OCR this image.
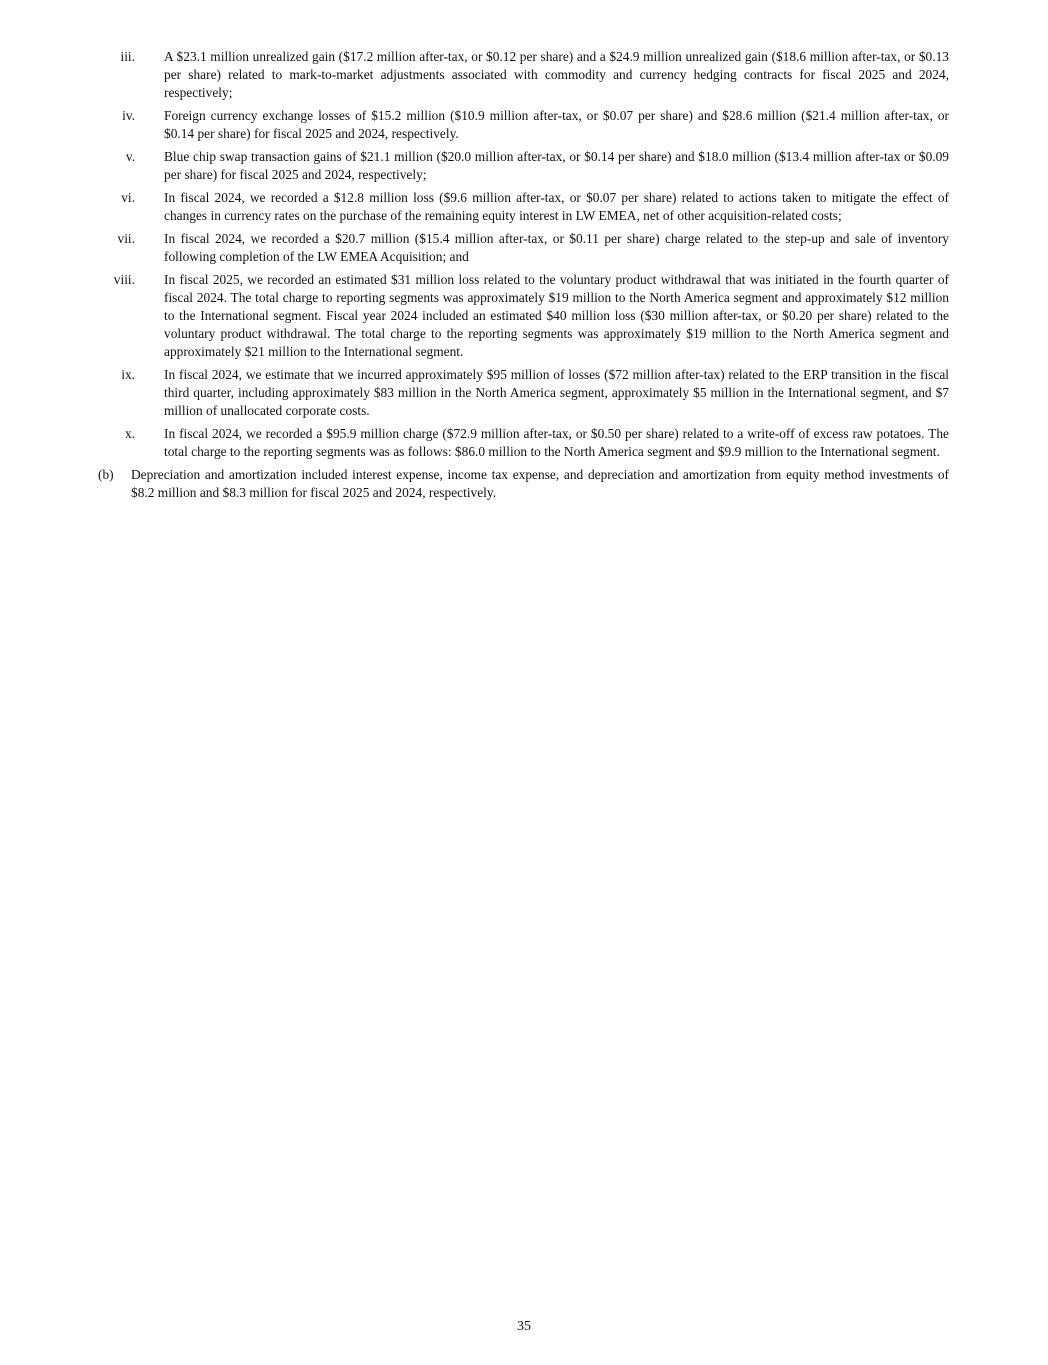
iii.	A $23.1 million unrealized gain ($17.2 million after-tax, or $0.12 per share) and a $24.9 million unrealized gain ($18.6 million after-tax, or $0.13 per share) related to mark-to-market adjustments associated with commodity and currency hedging contracts for fiscal 2025 and 2024, respectively;
iv.	Foreign currency exchange losses of $15.2 million ($10.9 million after-tax, or $0.07 per share) and $28.6 million ($21.4 million after-tax, or $0.14 per share) for fiscal 2025 and 2024, respectively.
v.	Blue chip swap transaction gains of $21.1 million ($20.0 million after-tax, or $0.14 per share) and $18.0 million ($13.4 million after-tax or $0.09 per share) for fiscal 2025 and 2024, respectively;
vi.	In fiscal 2024, we recorded a $12.8 million loss ($9.6 million after-tax, or $0.07 per share) related to actions taken to mitigate the effect of changes in currency rates on the purchase of the remaining equity interest in LW EMEA, net of other acquisition-related costs;
vii.	In fiscal 2024, we recorded a $20.7 million ($15.4 million after-tax, or $0.11 per share) charge related to the step-up and sale of inventory following completion of the LW EMEA Acquisition; and
viii.	In fiscal 2025, we recorded an estimated $31 million loss related to the voluntary product withdrawal that was initiated in the fourth quarter of fiscal 2024. The total charge to reporting segments was approximately $19 million to the North America segment and approximately $12 million to the International segment. Fiscal year 2024 included an estimated $40 million loss ($30 million after-tax, or $0.20 per share) related to the voluntary product withdrawal. The total charge to the reporting segments was approximately $19 million to the North America segment and approximately $21 million to the International segment.
ix.	In fiscal 2024, we estimate that we incurred approximately $95 million of losses ($72 million after-tax) related to the ERP transition in the fiscal third quarter, including approximately $83 million in the North America segment, approximately $5 million in the International segment, and $7 million of unallocated corporate costs.
x.	In fiscal 2024, we recorded a $95.9 million charge ($72.9 million after-tax, or $0.50 per share) related to a write-off of excess raw potatoes. The total charge to the reporting segments was as follows: $86.0 million to the North America segment and $9.9 million to the International segment.
(b)	Depreciation and amortization included interest expense, income tax expense, and depreciation and amortization from equity method investments of $8.2 million and $8.3 million for fiscal 2025 and 2024, respectively.
35
